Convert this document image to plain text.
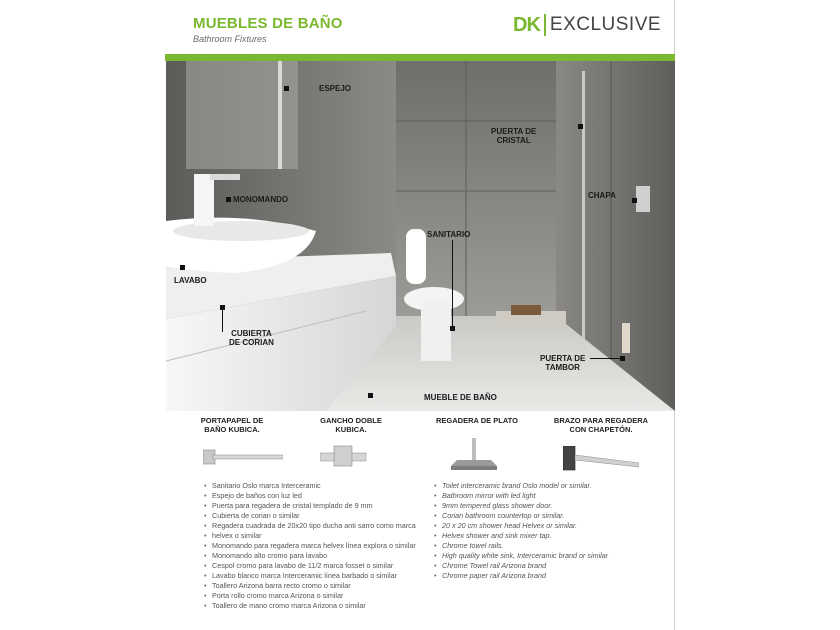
MUEBLES DE BAÑO
Bathroom Fixtures
DK EXCLUSIVE
ESPEJO
PUERTA DE
CRISTAL
CHAPA
MONOMANDO
SANITARIO
LAVABO
CUBIERTA
DE CORIAN
PUERTA DE
TAMBOR
MUEBLE DE BAÑO
PORTAPAPEL DE
BAÑO KUBICA.
GANCHO DOBLE
KUBICA.
REGADERA DE PLATO	BRAZO PARA REGADERA
CON CHAPETÓN.
• Sanitario Oslo marca Interceramic
• Espejo de baños con luz led
• Puerta para regadera de cristal templado de 9 mm
• Cubierta de corian o similar
• Regadera cuadrada de 20x20 tipo ducha anti sarro como marca
• helvex o similar
• Monomando para regadera marca helvex línea explora o similar
• Monomando alto cromo para lavabo
• Cespol cromo para lavabo de 11/2 marca fosset o similar
• Lavabo blanco marca Interceramic línea barbado o similar
• Toallero Arizona barra recto cromo o similar
• Porta rollo cromo marca Arizona o similar
• Toallero de mano cromo marca Arizona o similar
• Toilet interceramic brand Oslo model or similar.
• Bathroom mirror with led light
• 9mm tempered glass shower door.
• Corian bathroom countertop or similar.
• 20 x 20 cm shower head Helvex or similar.
• Helvex shower and sink mixer tap.
• Chrome towel rails.
• High quality white sink, Interceramic brand or similar
• Chrome Towel rail Arizona brand
• Chrome paper rail Arizona brand
